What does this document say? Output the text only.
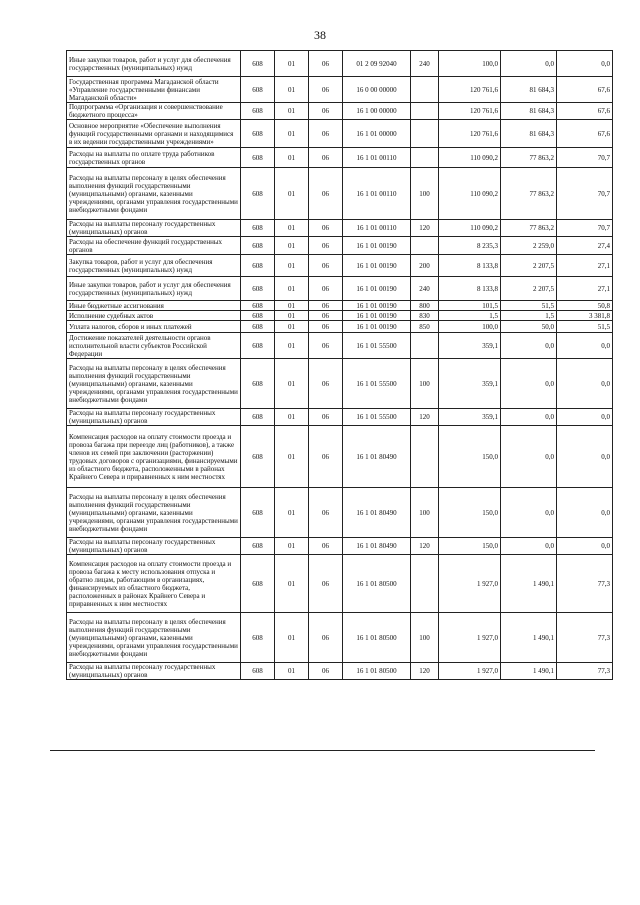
38
Иные закупки товаров, работ и услуг для обеспечения государственных (муниципальных) нужд	608	01	06	01 2 09 92040	240	100,0	0,0	0,0
Государственная программа Магаданской области «Управление государственными финансами Магаданской области»	608	01	06	16 0 00 00000		120 761,6	81 684,3	67,6
Подпрограмма «Организация и совершенствование бюджетного процесса»	608	01	06	16 1 00 00000		120 761,6	81 684,3	67,6
Основное мероприятие «Обеспечение выполнения функций государственными органами и находящимися в их ведении государственными учреждениями»	608	01	06	16 1 01 00000		120 761,6	81 684,3	67,6
Расходы на выплаты по оплате труда работников государственных органов	608	01	06	16 1 01 00110		110 090,2	77 863,2	70,7
Расходы на выплаты персоналу в целях обеспечения выполнения функций государственными (муниципальными) органами, казенными учреждениями, органами управления государственными внебюджетными фондами	608	01	06	16 1 01 00110	100	110 090,2	77 863,2	70,7
Расходы на выплаты персоналу государственных (муниципальных) органов	608	01	06	16 1 01 00110	120	110 090,2	77 863,2	70,7
Расходы на обеспечение функций государственных органов	608	01	06	16 1 01 00190		8 235,3	2 259,0	27,4
Закупка товаров, работ и услуг для обеспечения государственных (муниципальных) нужд	608	01	06	16 1 01 00190	200	8 133,8	2 207,5	27,1
Иные закупки товаров, работ и услуг для обеспечения государственных (муниципальных) нужд	608	01	06	16 1 01 00190	240	8 133,8	2 207,5	27,1
Иные бюджетные ассигнования	608	01	06	16 1 01 00190	800	101,5	51,5	50,8
Исполнение судебных актов	608	01	06	16 1 01 00190	830	1,5	1,5	3 381,8
Уплата налогов, сборов и иных платежей	608	01	06	16 1 01 00190	850	100,0	50,0	51,5
Достижение показателей деятельности органов исполнительной власти субъектов Российской Федерации	608	01	06	16 1 01 55500		359,1	0,0	0,0
Расходы на выплаты персоналу в целях обеспечения выполнения функций государственными (муниципальными) органами, казенными учреждениями, органами управления государственными внебюджетными фондами	608	01	06	16 1 01 55500	100	359,1	0,0	0,0
Расходы на выплаты персоналу государственных (муниципальных) органов	608	01	06	16 1 01 55500	120	359,1	0,0	0,0
Компенсация расходов на оплату стоимости проезда и провоза багажа при переезде лиц (работников), а также членов их семей при заключении (расторжении) трудовых договоров с организациями, финансируемыми из областного бюджета, расположенными в районах Крайнего Севера и приравненных к ним местностях	608	01	06	16 1 01 80490		150,0	0,0	0,0
Расходы на выплаты персоналу в целях обеспечения выполнения функций государственными (муниципальными) органами, казенными учреждениями, органами управления государственными внебюджетными фондами	608	01	06	16 1 01 80490	100	150,0	0,0	0,0
Расходы на выплаты персоналу государственных (муниципальных) органов	608	01	06	16 1 01 80490	120	150,0	0,0	0,0
Компенсация расходов на оплату стоимости проезда и провоза багажа к месту использования отпуска и обратно лицам, работающим в организациях, финансируемых из областного бюджета, расположенных в районах Крайнего Севера и приравненных к ним местностях	608	01	06	16 1 01 80500		1 927,0	1 490,1	77,3
Расходы на выплаты персоналу в целях обеспечения выполнения функций государственными (муниципальными) органами, казенными учреждениями, органами управления государственными внебюджетными фондами	608	01	06	16 1 01 80500	100	1 927,0	1 490,1	77,3
Расходы на выплаты персоналу государственных (муниципальных) органов	608	01	06	16 1 01 80500	120	1 927,0	1 490,1	77,3
